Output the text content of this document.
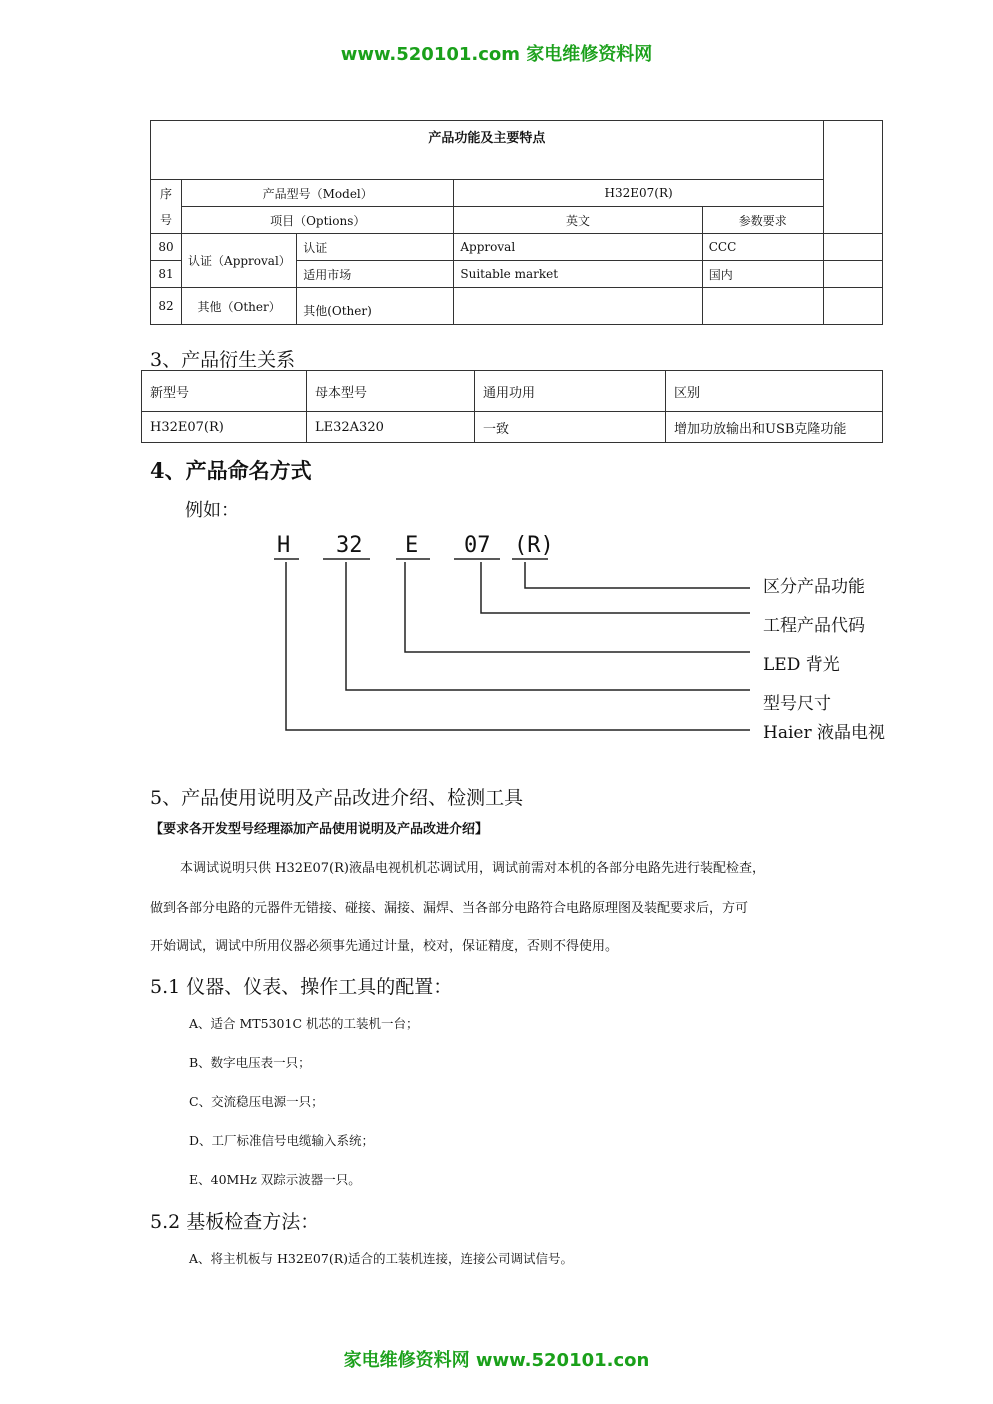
www.520101.com 家电维修资料网
产品功能及主要特点					
序
号	产品型号（Model）		H32E07(R)		
	项目（Options）		英文	参数要求	
80	认证（Approval）	认证	Approval	CCC	
81		适用市场	Suitable market	国内	
82	其他（Other）	其他(Other)			
3、产品衍生关系
新型号	母本型号	通用功用	区别
H32E07(R)	LE32A320	一致	增加功放输出和USB克隆功能
4、产品命名方式
例如：
H 32 E 07 (R)
区分产品功能
工程产品代码
LED 背光
型号尺寸
Haier 液晶电视
5、产品使用说明及产品改进介绍、检测工具
【要求各开发型号经理添加产品使用说明及产品改进介绍】
本调试说明只供 H32E07(R)液晶电视机机芯调试用，调试前需对本机的各部分电路先进行装配检查，
做到各部分电路的元器件无错接、碰接、漏接、漏焊、当各部分电路符合电路原理图及装配要求后，方可
开始调试，调试中所用仪器必须事先通过计量，校对，保证精度，否则不得使用。
5.1 仪器、仪表、操作工具的配置：
A、适合 MT5301C 机芯的工装机一台；
B、数字电压表一只；
C、交流稳压电源一只；
D、工厂标准信号电缆输入系统；
E、40MHz 双踪示波器一只。
5.2 基板检查方法：
A、将主机板与 H32E07(R)适合的工装机连接，连接公司调试信号。
家电维修资料网 www.520101.con
